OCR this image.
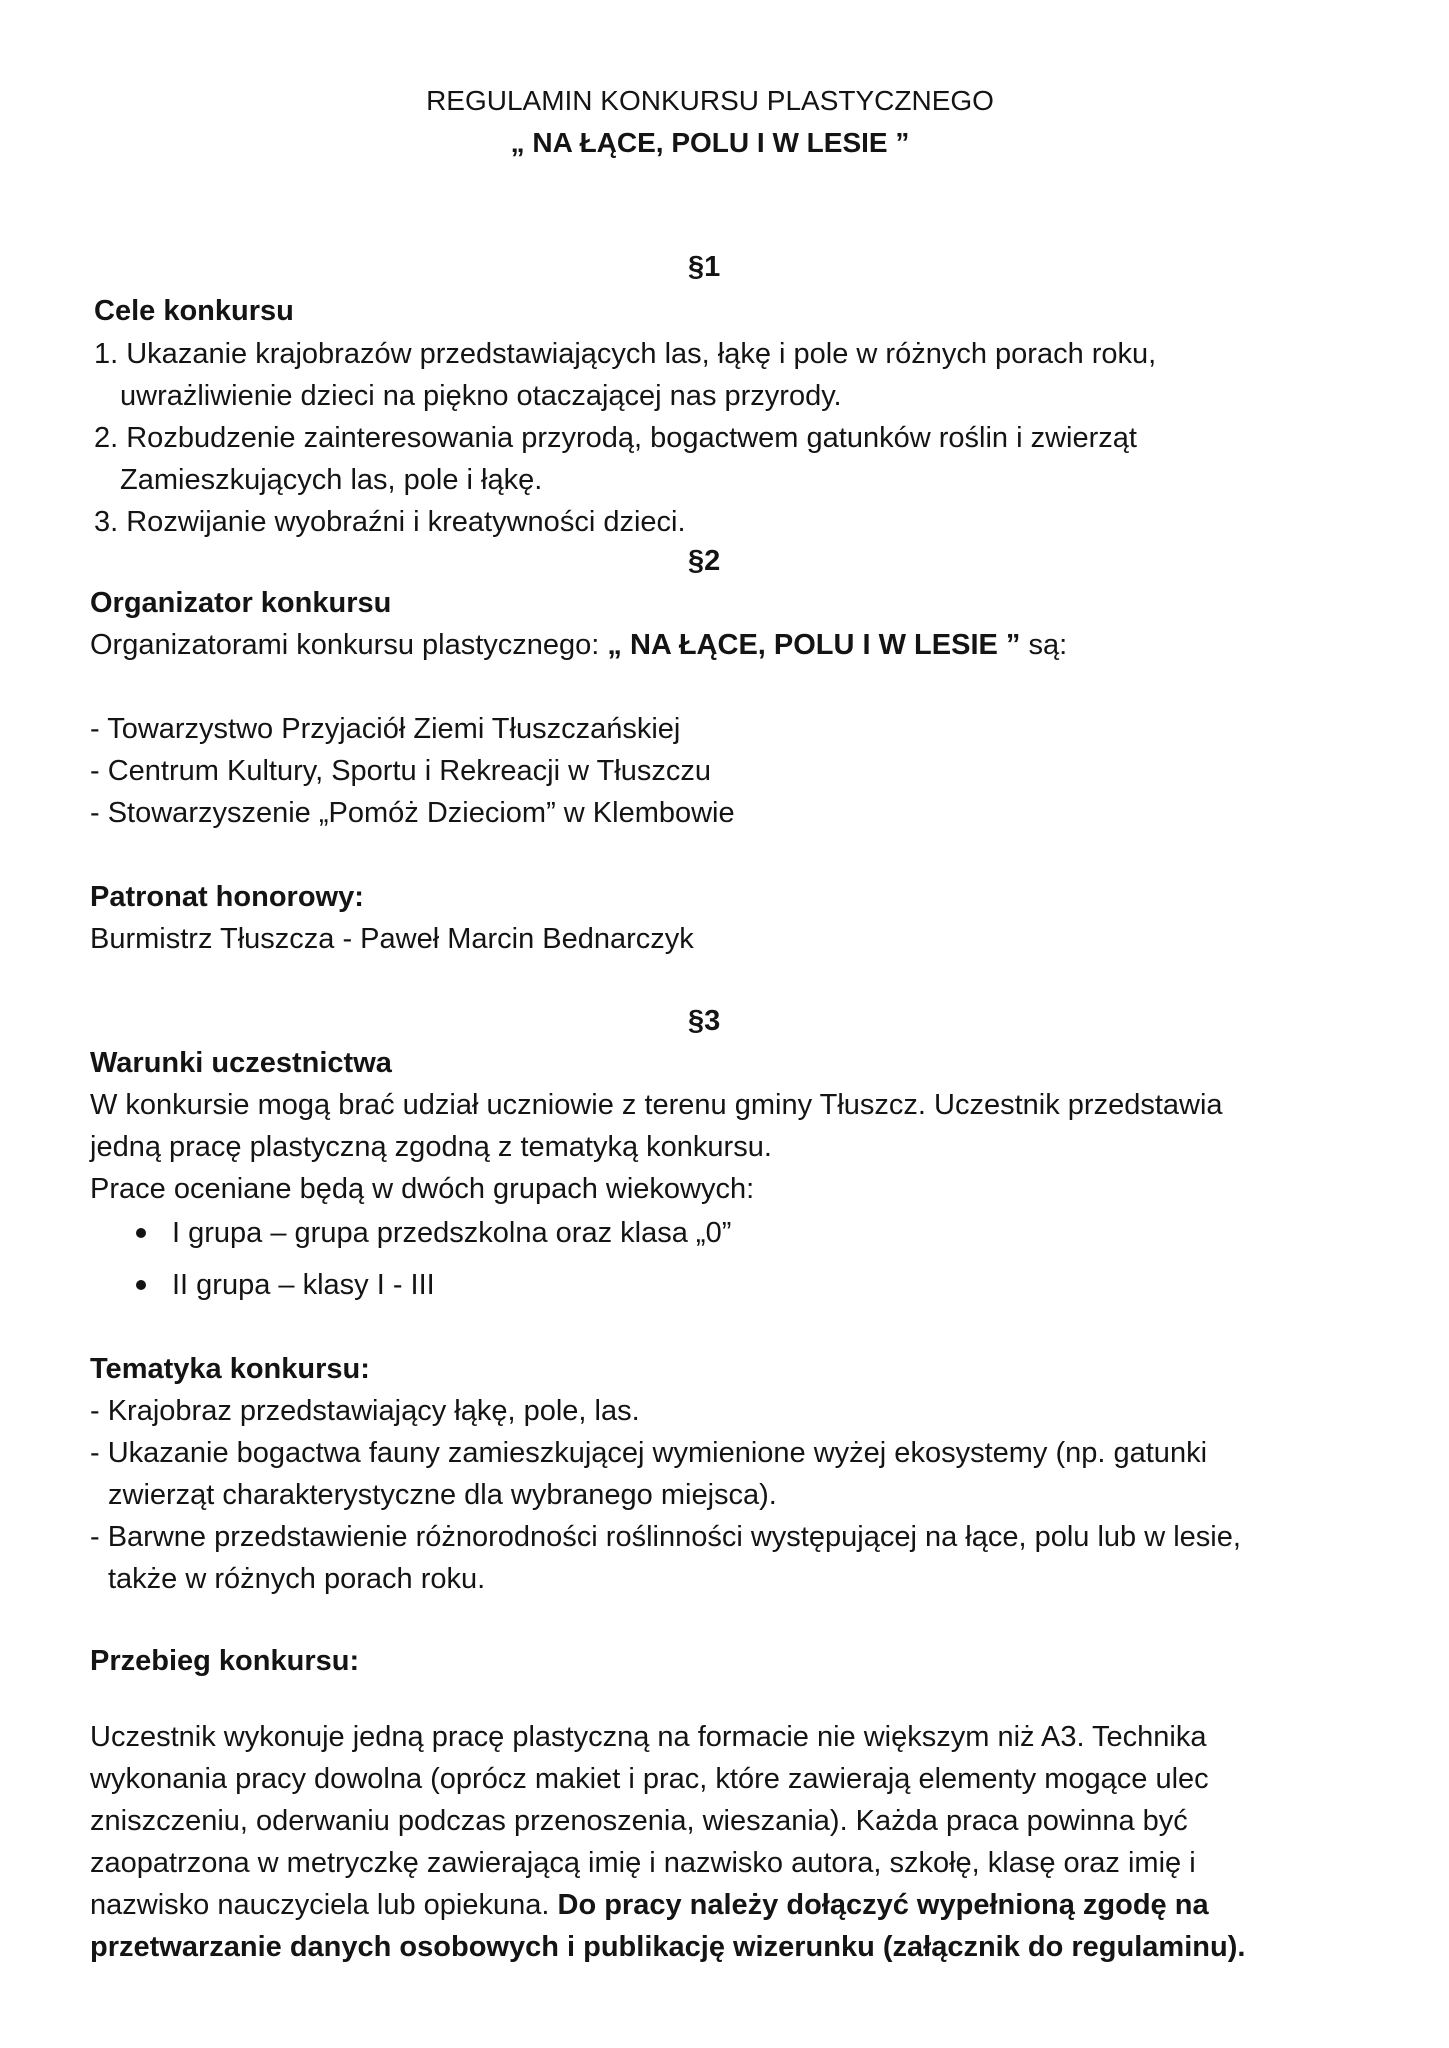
REGULAMIN KONKURSU PLASTYCZNEGO
„ NA ŁĄCE, POLU I W LESIE ”
§1
Cele konkursu
1. Ukazanie krajobrazów przedstawiających las, łąkę i pole w różnych porach roku,
uwrażliwienie dzieci na piękno otaczającej nas przyrody.
2. Rozbudzenie zainteresowania przyrodą, bogactwem gatunków roślin i zwierząt
Zamieszkujących las, pole i łąkę.
3. Rozwijanie wyobraźni i kreatywności dzieci.
§2
Organizator konkursu
Organizatorami konkursu plastycznego: „ NA ŁĄCE, POLU I W LESIE ” są:
- Towarzystwo Przyjaciół Ziemi Tłuszczańskiej
- Centrum Kultury, Sportu i Rekreacji w Tłuszczu
- Stowarzyszenie „Pomóż Dzieciom” w Klembowie
Patronat honorowy:
Burmistrz Tłuszcza - Paweł Marcin Bednarczyk
§3
Warunki uczestnictwa
W konkursie mogą brać udział uczniowie z terenu gminy Tłuszcz. Uczestnik przedstawia
jedną pracę plastyczną zgodną z tematyką konkursu.
Prace oceniane będą w dwóch grupach wiekowych:
I grupa – grupa przedszkolna oraz klasa „0”
II grupa – klasy I - III
Tematyka konkursu:
- Krajobraz przedstawiający łąkę, pole, las.
- Ukazanie bogactwa fauny zamieszkującej wymienione wyżej ekosystemy (np. gatunki
zwierząt charakterystyczne dla wybranego miejsca).
- Barwne przedstawienie różnorodności roślinności występującej na łące, polu lub w lesie,
także w różnych porach roku.
Przebieg konkursu:
Uczestnik wykonuje jedną pracę plastyczną na formacie nie większym niż A3. Technika
wykonania pracy dowolna (oprócz makiet i prac, które zawierają elementy mogące ulec
zniszczeniu, oderwaniu podczas przenoszenia, wieszania). Każda praca powinna być
zaopatrzona w metryczkę zawierającą imię i nazwisko autora, szkołę, klasę oraz imię i
nazwisko nauczyciela lub opiekuna. Do pracy należy dołączyć wypełnioną zgodę na
przetwarzanie danych osobowych i publikację wizerunku (załącznik do regulaminu).
